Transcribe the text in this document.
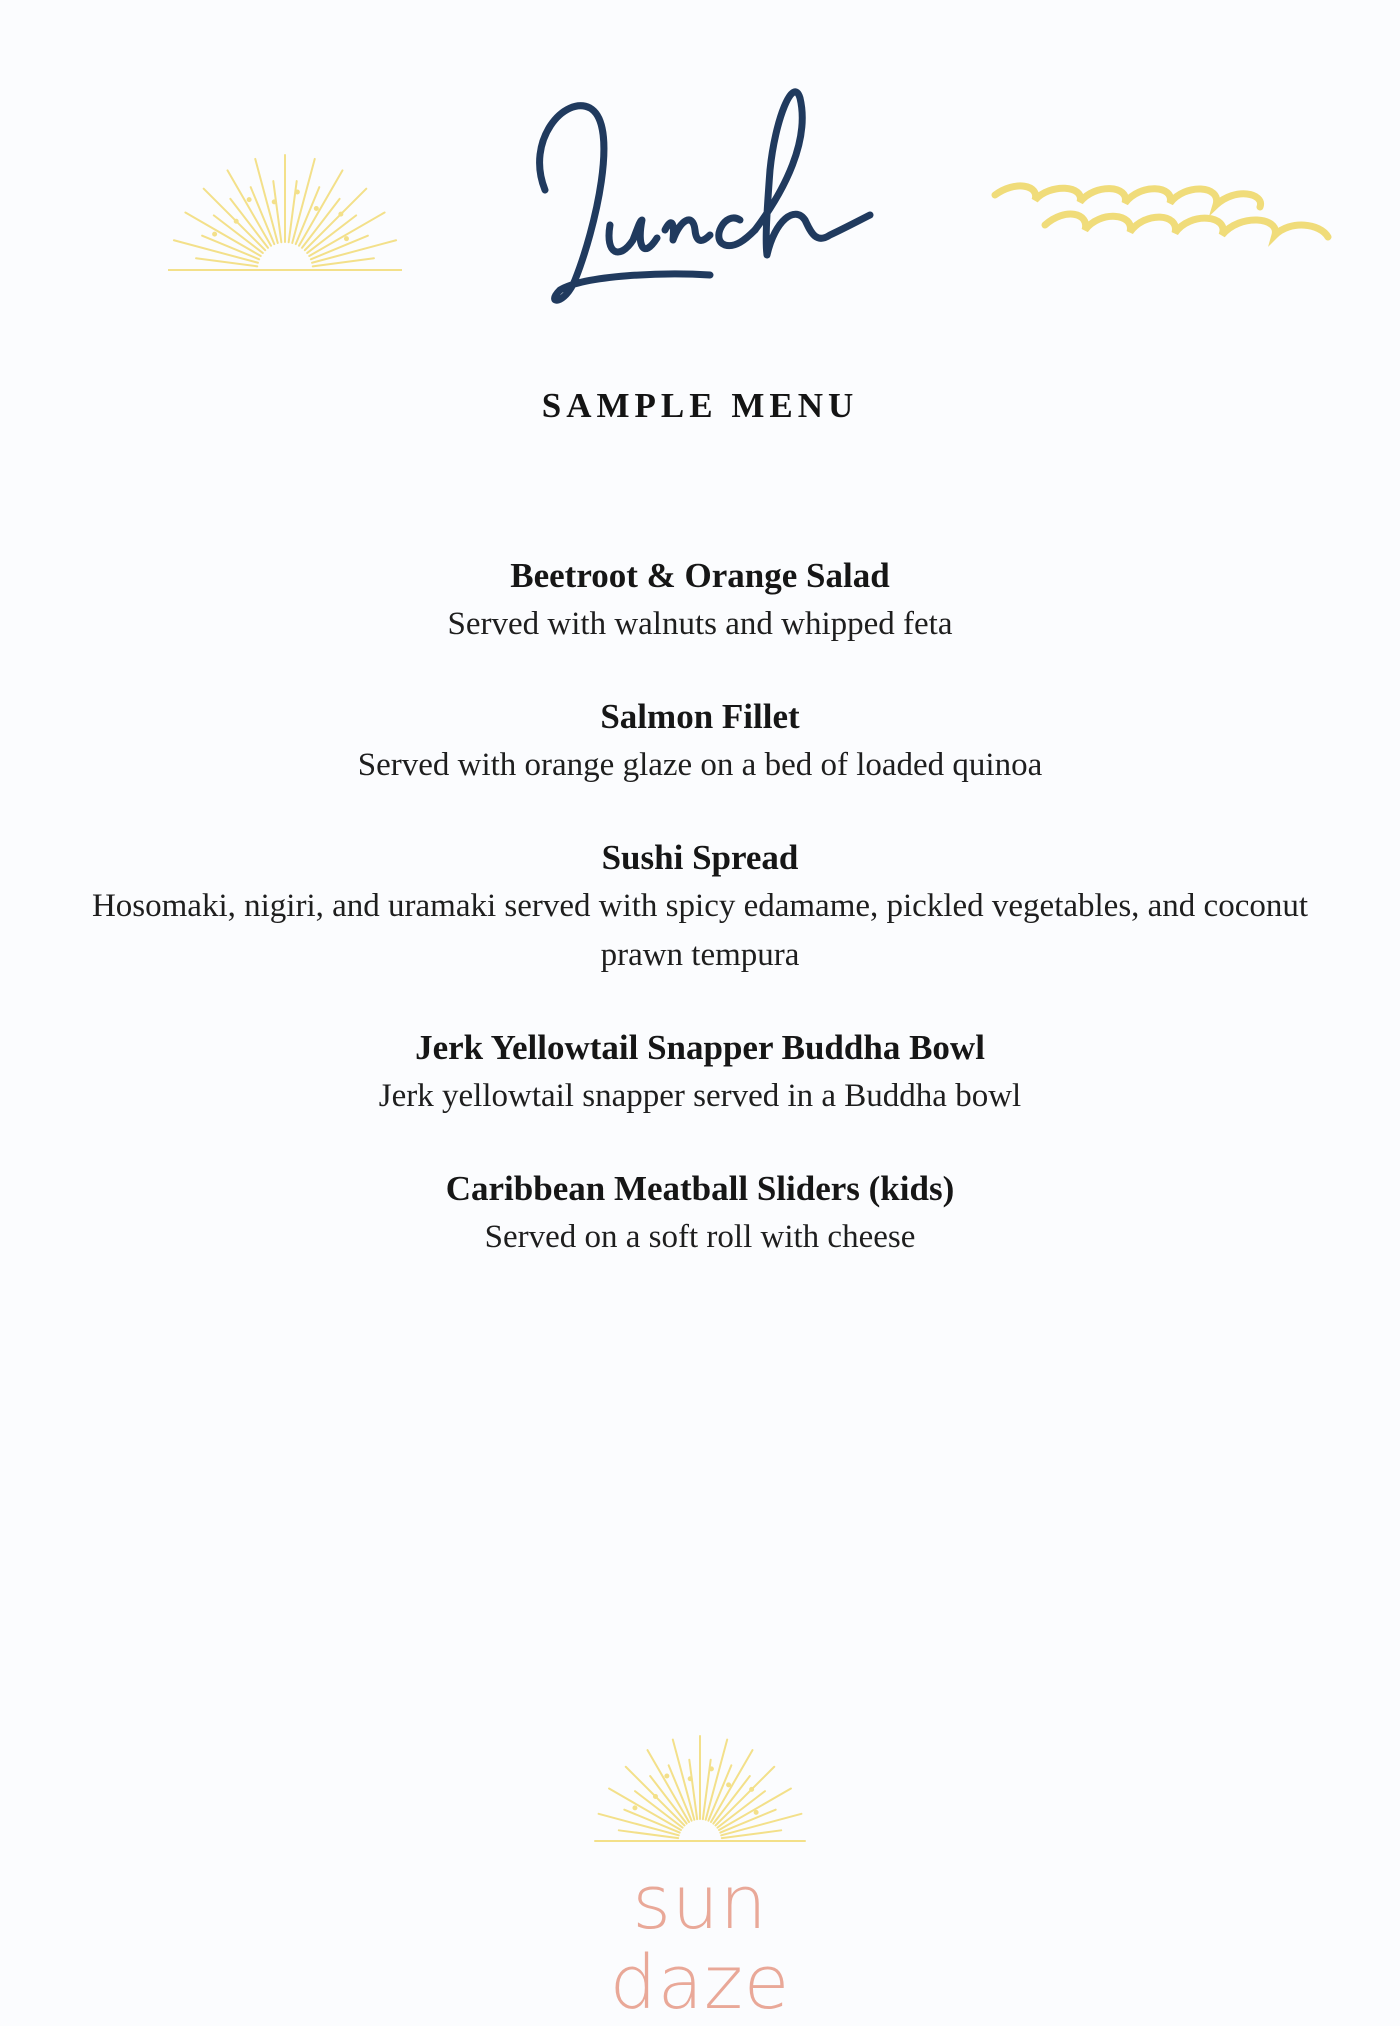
SAMPLE MENU
Beetroot & Orange Salad
Served with walnuts and whipped feta
Salmon Fillet
Served with orange glaze on a bed of loaded quinoa
Sushi Spread
Hosomaki, nigiri, and uramaki served with spicy edamame, pickled vegetables, and coconut prawn tempura
Jerk Yellowtail Snapper Buddha Bowl
Jerk yellowtail snapper served in a Buddha bowl
Caribbean Meatball Sliders (kids)
Served on a soft roll with cheese
sun daze
